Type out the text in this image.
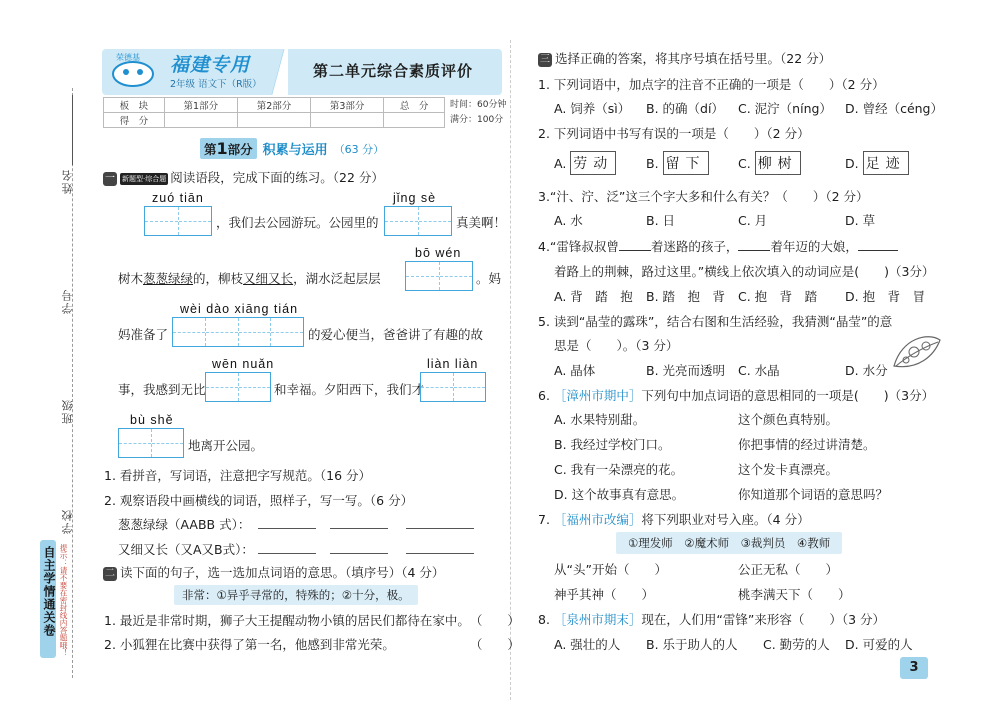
姓名
学号
班级
学校
自主学情通关卷 提示：请不要在密封线内答题哦！
荣德基 福建专用
2年级 语文下（R版）
第二单元综合素质评价
板　块	第1部分	第2部分	第3部分	总　分
得　分				
时间：60分钟
满分：100分
第1部分 积累与运用 （63 分）
一 新题型·综合题 阅读语段，完成下面的练习。（22 分）
zuó tiān
，我们去公园游玩。公园里的
jǐng sè
真美啊！
bō wén
树木葱葱绿绿的，柳枝又细又长，湖水泛起层层	。妈
wèi dào xiāng tián
妈准备了	的爱心便当，爸爸讲了有趣的故
wēn nuǎn
事，我感到无比	和幸福。夕阳西下，我们才
liàn liàn
bù shě
地离开公园。
1. 看拼音，写词语，注意把字写规范。（16 分）
2. 观察语段中画横线的词语，照样子，写一写。（6 分）
葱葱绿绿（AABB 式）：
又细又长（又A又B式）：
二 读下面的句子，选一选加点词语的意思。（填序号）（4 分）
非常：①异乎寻常的，特殊的；②十分，极。
1. 最近是非常时期，狮子大王提醒动物小镇的居民们都待在家中。　（　　）
2. 小狐狸在比赛中获得了第一名，他感到非常光荣。　　　　　　　（　　）
三 选择正确的答案，将其序号填在括号里。（22 分）
1. 下列词语中，加点字的注音不正确的一项是（　　）（2 分）
A. 饲养（sì） B. 的确（dí） C. 泥泞（níng） D. 曾经（céng）
2. 下列词语中书写有误的一项是（　　）（2 分）
A. 劳动	B. 留下	C. 柳树	D. 足迹
3.“汁、泞、泛”这三个字大多和什么有关？（　　）（2 分）
A. 水	B. 日	C. 月	D. 草
4.“雷锋叔叔曾	着迷路的孩子，	着年迈的大娘，
着路上的荆棘，路过这里。”横线上依次填入的动词应是(　　)（3分）
A. 背　踏　抱 B. 踏　抱　背 C. 抱　背　踏 D. 抱　背　冒
5. 读到“晶莹的露珠”，结合右图和生活经验，我猜测“晶莹”的意
思是（　　）。（3 分）
A. 晶体	B. 光亮而透明 C. 水晶	D. 水分
6. ［漳州市期中］下列句中加点词语的意思相同的一项是(　　)（3分）
A. 水果特别甜。	这个颜色真特别。
B. 我经过学校门口。	你把事情的经过讲清楚。
C. 我有一朵漂亮的花。	这个发卡真漂亮。
D. 这个故事真有意思。	你知道那个词语的意思吗？
7. ［福州市改编］将下列职业对号入座。（4 分）
①理发师　②魔术师　③裁判员　④教师
从“头”开始（　　）	公正无私（　　）
神乎其神（　　）	桃李满天下（　　）
8. ［泉州市期末］现在，人们用“雷锋”来形容（　　）（3 分）
A. 强壮的人 B. 乐于助人的人 C. 勤劳的人 D. 可爱的人
3
